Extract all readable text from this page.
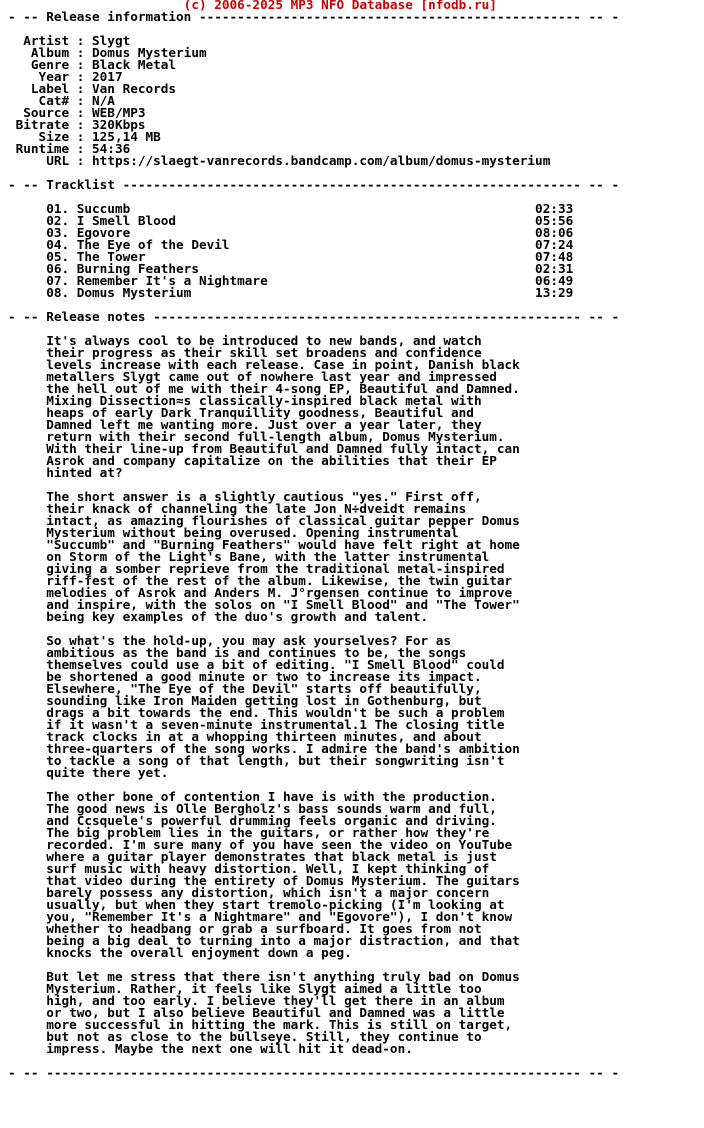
(c) 2006-2025 MP3 NFO Database [nfodb.ru]
- -- Release information -------------------------------------------------- -- -

Artist : Slygt
Album : Domus Mysterium
Genre : Black Metal
Year : 2017
Label : Van Records
Cat# : N/A
Source : WEB/MP3
Bitrate : 320Kbps
Size : 125,14 MB
Runtime : 54:36
URL : https://slaegt-vanrecords.bandcamp.com/album/domus-mysterium

- -- Tracklist ------------------------------------------------------------ -- -

01. Succumb                                                     02:33
02. I Smell Blood                                               05:56
03. Egovore                                                     08:06
04. The Eye of the Devil                                        07:24
05. The Tower                                                   07:48
06. Burning Feathers                                            02:31
07. Remember It's a Nightmare                                   06:49
08. Domus Mysterium                                             13:29

- -- Release notes -------------------------------------------------------- -- -

It's always cool to be introduced to new bands, and watch
their progress as their skill set broadens and confidence
levels increase with each release. Case in point, Danish black
metallers Slygt came out of nowhere last year and impressed
the hell out of me with their 4-song EP, Beautiful and Damned.
Mixing Dissection≈s classically-inspired black metal with
heaps of early Dark Tranquillity goodness, Beautiful and
Damned left me wanting more. Just over a year later, they
return with their second full-length album, Domus Mysterium.
With their line-up from Beautiful and Damned fully intact, can
Asrok and company capitalize on the abilities that their EP
hinted at?

The short answer is a slightly cautious "yes." First off,
their knack of channeling the late Jon N÷dveidt remains
intact, as amazing flourishes of classical guitar pepper Domus
Mysterium without being overused. Opening instrumental
"Succumb" and "Burning Feathers" would have felt right at home
on Storm of the Light's Bane, with the latter instrumental
giving a somber reprieve from the traditional metal-inspired
riff-fest of the rest of the album. Likewise, the twin guitar
melodies of Asrok and Anders M. J°rgensen continue to improve
and inspire, with the solos on "I Smell Blood" and "The Tower"
being key examples of the duo's growth and talent.

So what's the hold-up, you may ask yourselves? For as
ambitious as the band is and continues to be, the songs
themselves could use a bit of editing. "I Smell Blood" could
be shortened a good minute or two to increase its impact.
Elsewhere, "The Eye of the Devil" starts off beautifully,
sounding like Iron Maiden getting lost in Gothenburg, but
drags a bit towards the end. This wouldn't be such a problem
if it wasn't a seven-minute instrumental.1 The closing title
track clocks in at a whopping thirteen minutes, and about
three-quarters of the song works. I admire the band's ambition
to tackle a song of that length, but their songwriting isn't
quite there yet.

The other bone of contention I have is with the production.
The good news is Olle Bergholz's bass sounds warm and full,
and Ccsquele's powerful drumming feels organic and driving.
The big problem lies in the guitars, or rather how they're
recorded. I'm sure many of you have seen the video on YouTube
where a guitar player demonstrates that black metal is just
surf music with heavy distortion. Well, I kept thinking of
that video during the entirety of Domus Mysterium. The guitars
barely possess any distortion, which isn't a major concern
usually, but when they start tremolo-picking (I'm looking at
you, "Remember It's a Nightmare" and "Egovore"), I don't know
whether to headbang or grab a surfboard. It goes from not
being a big deal to turning into a major distraction, and that
knocks the overall enjoyment down a peg.

But let me stress that there isn't anything truly bad on Domus
Mysterium. Rather, it feels like Slygt aimed a little too
high, and too early. I believe they'll get there in an album
or two, but I also believe Beautiful and Damned was a little
more successful in hitting the mark. This is still on target,
but not as close to the bullseye. Still, they continue to
impress. Maybe the next one will hit it dead-on.

- -- ---------------------------------------------------------------------- -- -
